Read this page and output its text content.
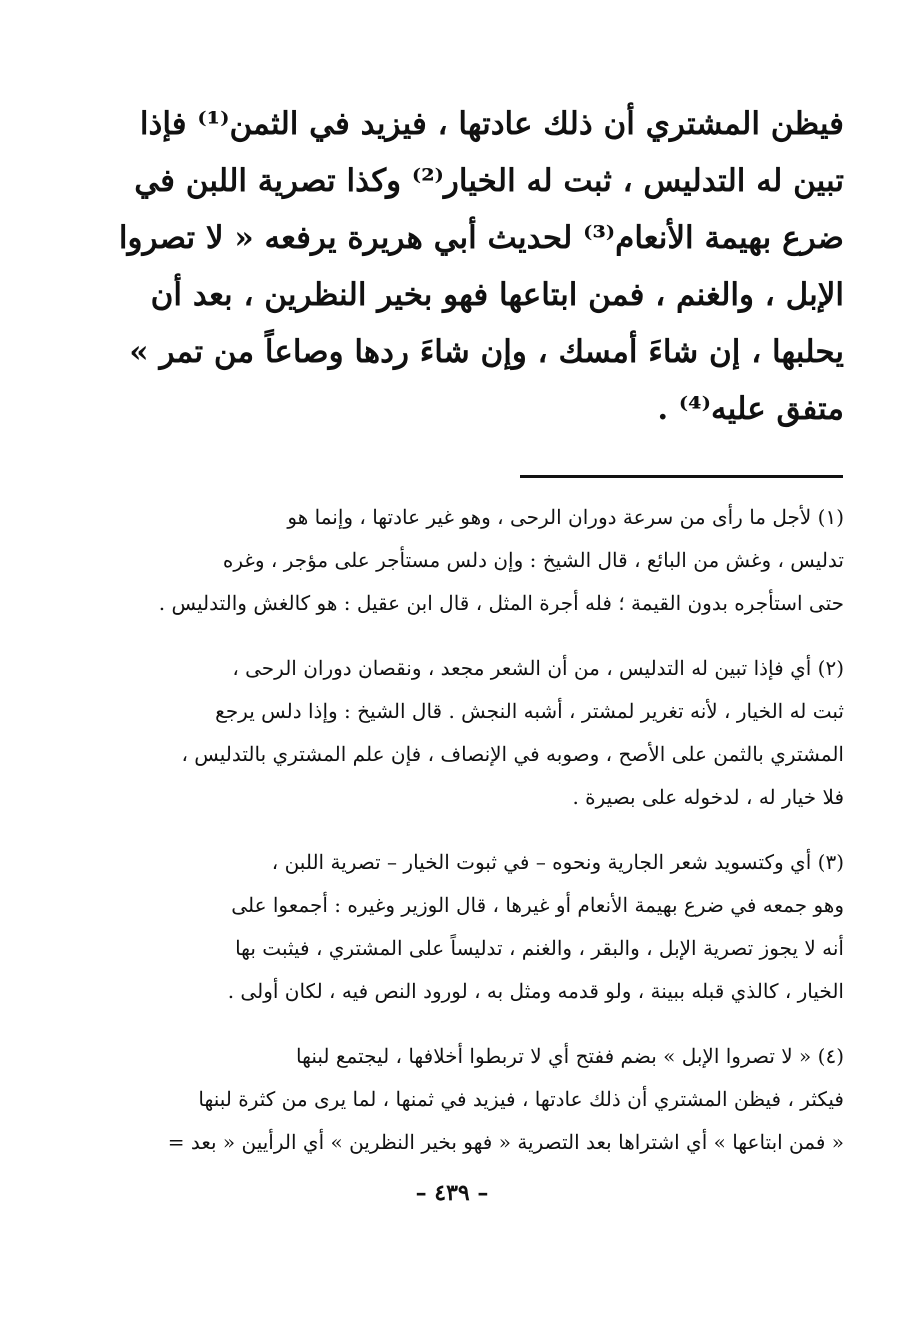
فيظن المشتري أن ذلك عادتها ، فيزيد في الثمن⁽¹⁾ فإذا
تبين له التدليس ، ثبت له الخيار⁽²⁾ وكذا تصرية اللبن في
ضرع بهيمة الأنعام⁽³⁾ لحديث أبي هريرة يرفعه « لا تصروا
الإبل ، والغنم ، فمن ابتاعها فهو بخير النظرين ، بعد أن
يحلبها ، إن شاءَ أمسك ، وإن شاءَ ردها وصاعاً من تمر »
متفق عليه⁽⁴⁾ .
(١) لأجل ما رأى من سرعة دوران الرحى ، وهو غير عادتها ، وإنما هو
تدليس ، وغش من البائع ، قال الشيخ : وإن دلس مستأجر على مؤجر ، وغره
حتى استأجره بدون القيمة ؛ فله أجرة المثل ، قال ابن عقيل : هو كالغش والتدليس .
(٢) أي فإذا تبين له التدليس ، من أن الشعر مجعد ، ونقصان دوران الرحى ،
ثبت له الخيار ، لأنه تغرير لمشتر ، أشبه النجش . قال الشيخ : وإذا دلس يرجع
المشتري بالثمن على الأصح ، وصوبه في الإنصاف ، فإن علم المشتري بالتدليس ،
فلا خيار له ، لدخوله على بصيرة .
(٣) أي وكتسويد شعر الجارية ونحوه – في ثبوت الخيار – تصرية اللبن ،
وهو جمعه في ضرع بهيمة الأنعام أو غيرها ، قال الوزير وغيره : أجمعوا على
أنه لا يجوز تصرية الإبل ، والبقر ، والغنم ، تدليساً على المشتري ، فيثبت بها
الخيار ، كالذي قبله ببينة ، ولو قدمه ومثل به ، لورود النص فيه ، لكان أولى .
(٤) « لا تصروا الإبل » بضم ففتح أي لا تربطوا أخلافها ، ليجتمع لبنها
فيكثر ، فيظن المشتري أن ذلك عادتها ، فيزيد في ثمنها ، لما يرى من كثرة لبنها
« فمن ابتاعها » أي اشتراها بعد التصرية « فهو بخير النظرين » أي الرأيين « بعد =
– ٤٣٩ –
